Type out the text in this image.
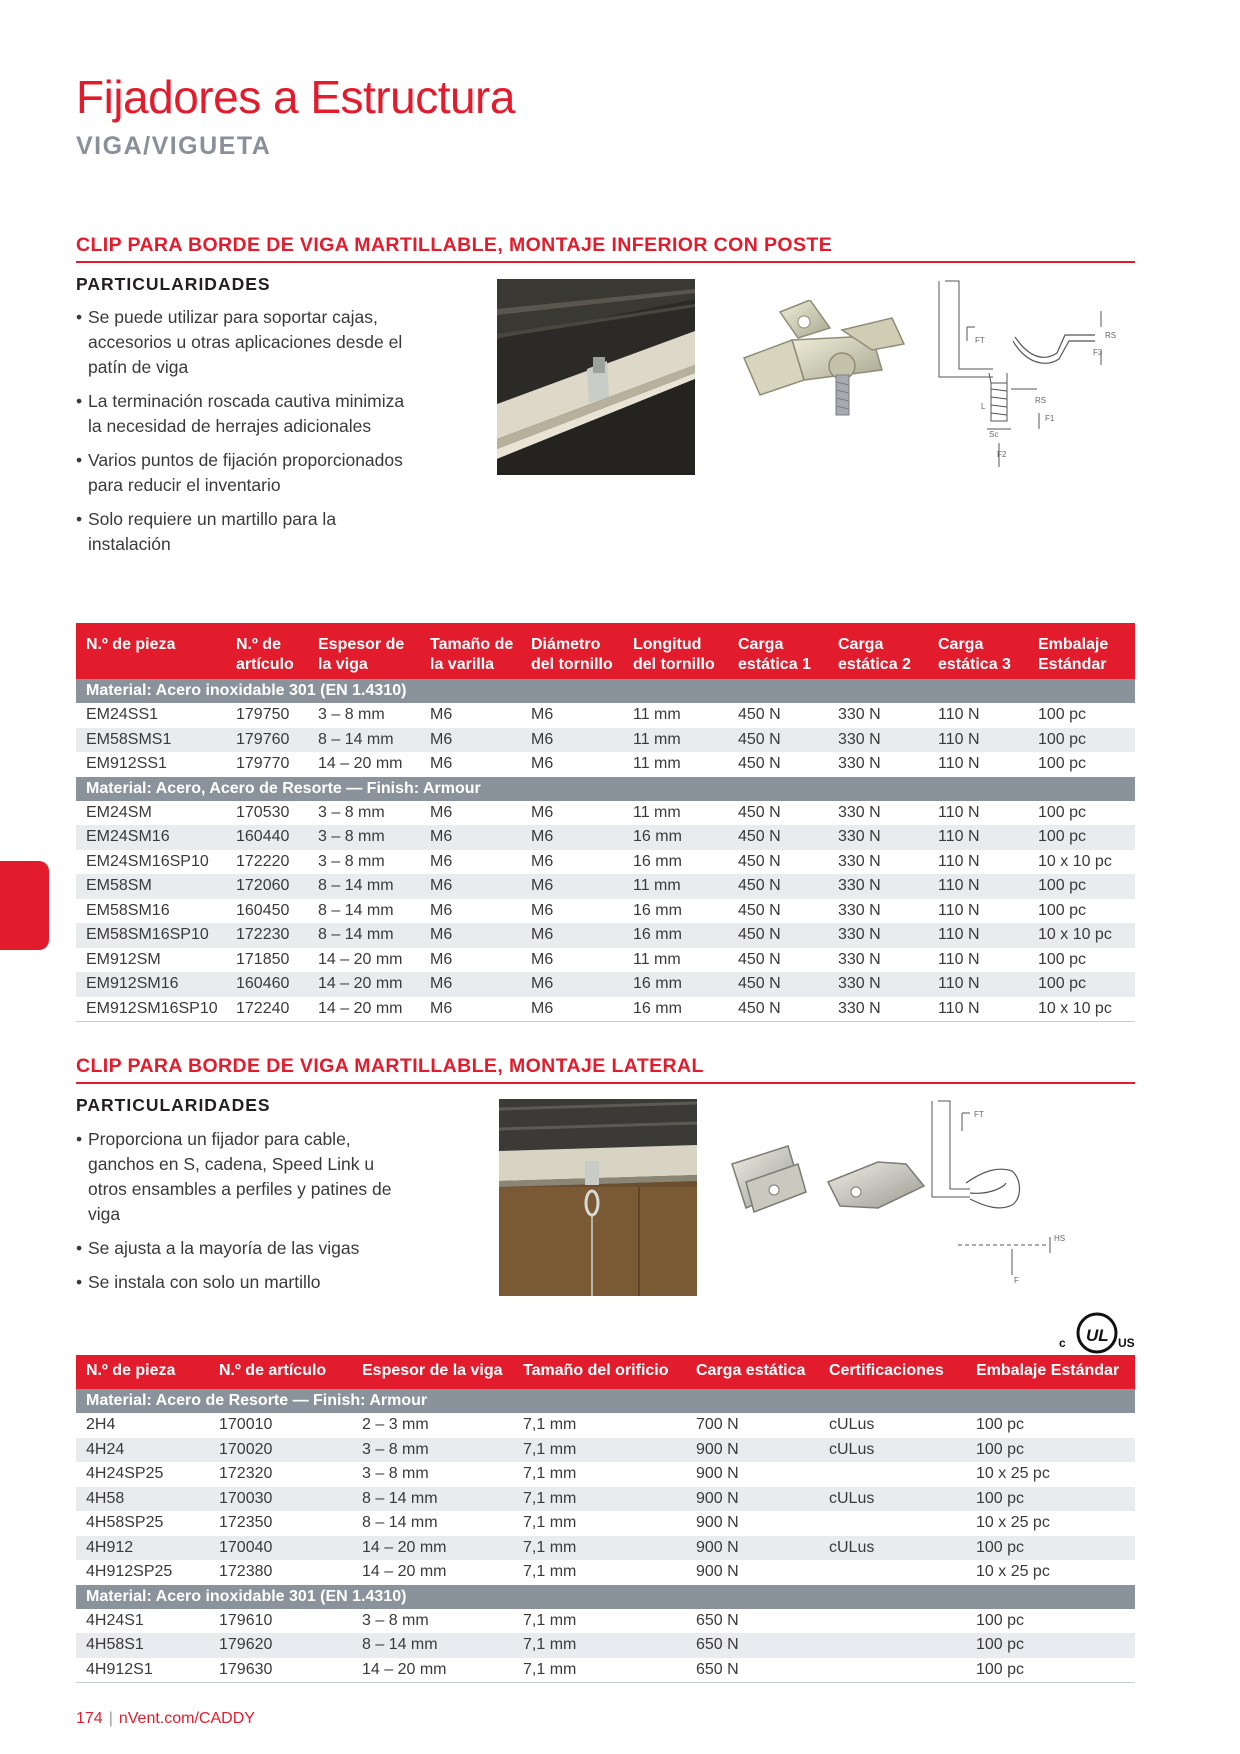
Fijadores a Estructura
VIGA/VIGUETA
CLIP PARA BORDE DE VIGA MARTILLABLE, MONTAJE INFERIOR CON POSTE
PARTICULARIDADES
• Se puede utilizar para soportar cajas, accesorios u otras aplicaciones desde el patín de viga
• La terminación roscada cautiva minimiza la necesidad de herrajes adicionales
• Varios puntos de fijación proporcionados para reducir el inventario
• Solo requiere un martillo para la instalación
FT
RS
F3
RS
L
Sc
F1
F2
N.º de pieza	N.º de artículo	Espesor de la viga	Tamaño de la varilla	Diámetro del tornillo	Longitud del tornillo	Carga estática 1	Carga estática 2	Carga estática 3	Embalaje Estándar
Material: Acero inoxidable 301 (EN 1.4310)									
EM24SS1	179750	3 – 8 mm	M6	M6	11 mm	450 N	330 N	110 N	100 pc
EM58SMS1	179760	8 – 14 mm	M6	M6	11 mm	450 N	330 N	110 N	100 pc
EM912SS1	179770	14 – 20 mm	M6	M6	11 mm	450 N	330 N	110 N	100 pc
Material: Acero, Acero de Resorte — Finish: Armour									
EM24SM	170530	3 – 8 mm	M6	M6	11 mm	450 N	330 N	110 N	100 pc
EM24SM16	160440	3 – 8 mm	M6	M6	16 mm	450 N	330 N	110 N	100 pc
EM24SM16SP10	172220	3 – 8 mm	M6	M6	16 mm	450 N	330 N	110 N	10 x 10 pc
EM58SM	172060	8 – 14 mm	M6	M6	11 mm	450 N	330 N	110 N	100 pc
EM58SM16	160450	8 – 14 mm	M6	M6	16 mm	450 N	330 N	110 N	100 pc
EM58SM16SP10	172230	8 – 14 mm	M6	M6	16 mm	450 N	330 N	110 N	10 x 10 pc
EM912SM	171850	14 – 20 mm	M6	M6	11 mm	450 N	330 N	110 N	100 pc
EM912SM16	160460	14 – 20 mm	M6	M6	16 mm	450 N	330 N	110 N	100 pc
EM912SM16SP10	172240	14 – 20 mm	M6	M6	16 mm	450 N	330 N	110 N	10 x 10 pc
CLIP PARA BORDE DE VIGA MARTILLABLE, MONTAJE LATERAL
PARTICULARIDADES
• Proporciona un fijador para cable, ganchos en S, cadena, Speed Link u otros ensambles a perfiles y patines de viga
• Se ajusta a la mayoría de las vigas
• Se instala con solo un martillo
FT
HS
F
c UL US
N.º de pieza	N.º de artículo	Espesor de la viga	Tamaño del orificio	Carga estática	Certificaciones	Embalaje Estándar
Material: Acero de Resorte — Finish: Armour						
2H4	170010	2 – 3 mm	7,1 mm	700 N	cULus	100 pc
4H24	170020	3 – 8 mm	7,1 mm	900 N	cULus	100 pc
4H24SP25	172320	3 – 8 mm	7,1 mm	900 N		10 x 25 pc
4H58	170030	8 – 14 mm	7,1 mm	900 N	cULus	100 pc
4H58SP25	172350	8 – 14 mm	7,1 mm	900 N		10 x 25 pc
4H912	170040	14 – 20 mm	7,1 mm	900 N	cULus	100 pc
4H912SP25	172380	14 – 20 mm	7,1 mm	900 N		10 x 25 pc
Material: Acero inoxidable 301 (EN 1.4310)						
4H24S1	179610	3 – 8 mm	7,1 mm	650 N		100 pc
4H58S1	179620	8 – 14 mm	7,1 mm	650 N		100 pc
4H912S1	179630	14 – 20 mm	7,1 mm	650 N		100 pc
174 | nVent.com/CADDY
